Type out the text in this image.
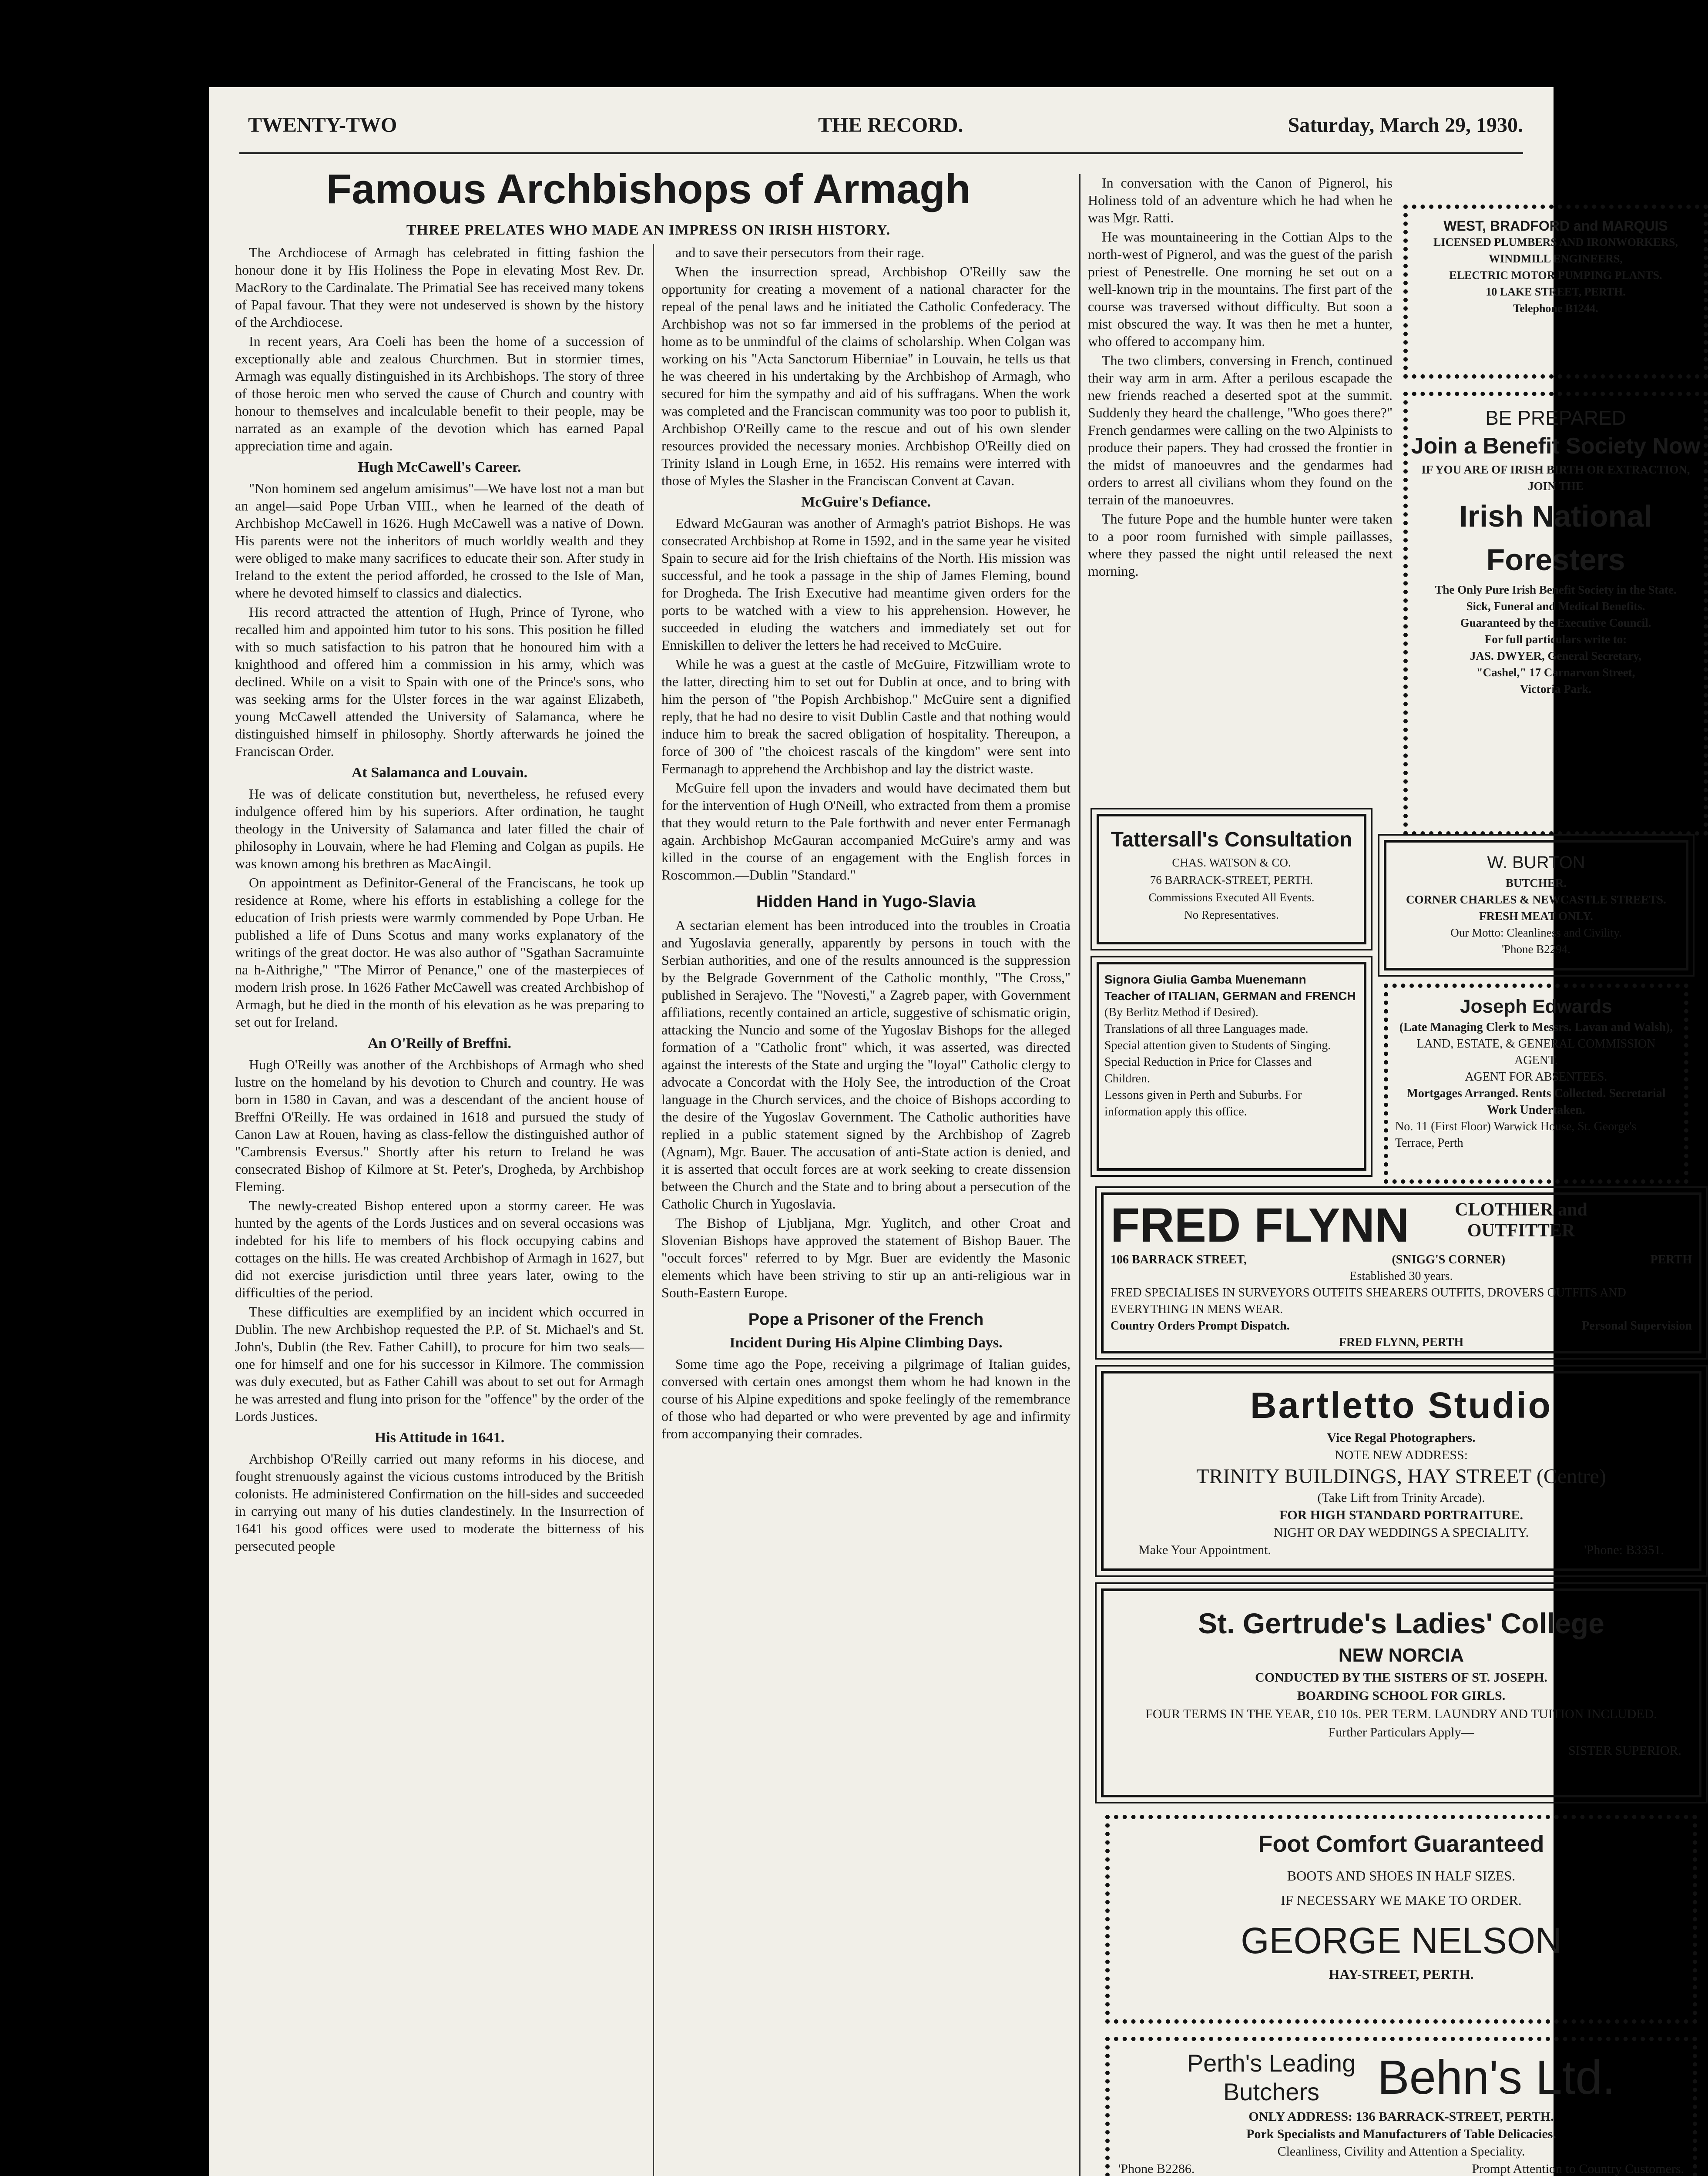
TWENTY-TWO	THE RECORD.	Saturday, March 29, 1930.
Famous Archbishops of Armagh
THREE PRELATES WHO MADE AN IMPRESS ON IRISH HISTORY.

The Archdiocese of Armagh has celebrated in fitting fashion the honour done it by His Holiness the Pope in elevating Most Rev. Dr. MacRory to the Cardinalate. The Primatial See has received many tokens of Papal favour. That they were not undeserved is shown by the history of the Archdiocese.

In recent years, Ara Coeli has been the home of a succession of exceptionally able and zealous Churchmen. But in stormier times, Armagh was equally distinguished in its Archbishops. The story of three of those heroic men who served the cause of Church and country with honour to themselves and incalculable benefit to their people, may be narrated as an example of the devotion which has earned Papal appreciation time and again.

Hugh McCawell's Career.

"Non hominem sed angelum amisimus"—We have lost not a man but an angel—said Pope Urban VIII., when he learned of the death of Archbishop McCawell in 1626. Hugh McCawell was a native of Down. His parents were not the inheritors of much worldly wealth and they were obliged to make many sacrifices to educate their son. After study in Ireland to the extent the period afforded, he crossed to the Isle of Man, where he devoted himself to classics and dialectics.

His record attracted the attention of Hugh, Prince of Tyrone, who recalled him and appointed him tutor to his sons. This position he filled with so much satisfaction to his patron that he honoured him with a knighthood and offered him a commission in his army, which was declined. While on a visit to Spain with one of the Prince's sons, who was seeking arms for the Ulster forces in the war against Elizabeth, young McCawell attended the University of Salamanca, where he distinguished himself in philosophy. Shortly afterwards he joined the Franciscan Order.

At Salamanca and Louvain.

He was of delicate constitution but, nevertheless, he refused every indulgence offered him by his superiors. After ordination, he taught theology in the University of Salamanca and later filled the chair of philosophy in Louvain, where he had Fleming and Colgan as pupils. He was known among his brethren as MacAingil.

On appointment as Definitor-General of the Franciscans, he took up residence at Rome, where his efforts in establishing a college for the education of Irish priests were warmly commended by Pope Urban. He published a life of Duns Scotus and many works explanatory of the writings of the great doctor. He was also author of "Sgathan Sacramuinte na h-Aithrighe," "The Mirror of Penance," one of the masterpieces of modern Irish prose. In 1626 Father McCawell was created Archbishop of Armagh, but he died in the month of his elevation as he was preparing to set out for Ireland.

An O'Reilly of Breffni.

Hugh O'Reilly was another of the Archbishops of Armagh who shed lustre on the homeland by his devotion to Church and country. He was born in 1580 in Cavan, and was a descendant of the ancient house of Breffni O'Reilly. He was ordained in 1618 and pursued the study of Canon Law at Rouen, having as class-fellow the distinguished author of "Cambrensis Eversus." Shortly after his return to Ireland he was consecrated Bishop of Kilmore at St. Peter's, Drogheda, by Archbishop Fleming.

The newly-created Bishop entered upon a stormy career. He was hunted by the agents of the Lords Justices and on several occasions was indebted for his life to members of his flock occupying cabins and cottages on the hills. He was created Archbishop of Armagh in 1627, but did not exercise jurisdiction until three years later, owing to the difficulties of the period.

These difficulties are exemplified by an incident which occurred in Dublin. The new Archbishop requested the P.P. of St. Michael's and St. John's, Dublin (the Rev. Father Cahill), to procure for him two seals—one for himself and one for his successor in Kilmore. The commission was duly executed, but as Father Cahill was about to set out for Armagh he was arrested and flung into prison for the "offence" by the order of the Lords Justices.

His Attitude in 1641.

Archbishop O'Reilly carried out many reforms in his diocese, and fought strenuously against the vicious customs introduced by the British colonists. He administered Confirmation on the hill-sides and succeeded in carrying out many of his duties clandestinely. In the Insurrection of 1641 his good offices were used to moderate the bitterness of his persecuted people

and to save their persecutors from their rage.

When the insurrection spread, Archbishop O'Reilly saw the opportunity for creating a movement of a national character for the repeal of the penal laws and he initiated the Catholic Confederacy. The Archbishop was not so far immersed in the problems of the period at home as to be unmindful of the claims of scholarship. When Colgan was working on his "Acta Sanctorum Hiberniae" in Louvain, he tells us that he was cheered in his undertaking by the Archbishop of Armagh, who secured for him the sympathy and aid of his suffragans. When the work was completed and the Franciscan community was too poor to publish it, Archbishop O'Reilly came to the rescue and out of his own slender resources provided the necessary monies. Archbishop O'Reilly died on Trinity Island in Lough Erne, in 1652. His remains were interred with those of Myles the Slasher in the Franciscan Convent at Cavan.

McGuire's Defiance.

Edward McGauran was another of Armagh's patriot Bishops. He was consecrated Archbishop at Rome in 1592, and in the same year he visited Spain to secure aid for the Irish chieftains of the North. His mission was successful, and he took a passage in the ship of James Fleming, bound for Drogheda. The Irish Executive had meantime given orders for the ports to be watched with a view to his apprehension. However, he succeeded in eluding the watchers and immediately set out for Enniskillen to deliver the letters he had received to McGuire.

While he was a guest at the castle of McGuire, Fitzwilliam wrote to the latter, directing him to set out for Dublin at once, and to bring with him the person of "the Popish Archbishop." McGuire sent a dignified reply, that he had no desire to visit Dublin Castle and that nothing would induce him to break the sacred obligation of hospitality. Thereupon, a force of 300 of "the choicest rascals of the kingdom" were sent into Fermanagh to apprehend the Archbishop and lay the district waste.

McGuire fell upon the invaders and would have decimated them but for the intervention of Hugh O'Neill, who extracted from them a promise that they would return to the Pale forthwith and never enter Fermanagh again. Archbishop McGauran accompanied McGuire's army and was killed in the course of an engagement with the English forces in Roscommon.—Dublin "Standard."

Hidden Hand in Yugo-Slavia

A sectarian element has been introduced into the troubles in Croatia and Yugoslavia generally, apparently by persons in touch with the Serbian authorities, and one of the results announced is the suppression by the Belgrade Government of the Catholic monthly, "The Cross," published in Serajevo. The "Novesti," a Zagreb paper, with Government affiliations, recently contained an article, suggestive of schismatic origin, attacking the Nuncio and some of the Yugoslav Bishops for the alleged formation of a "Catholic front" which, it was asserted, was directed against the interests of the State and urging the "loyal" Catholic clergy to advocate a Concordat with the Holy See, the introduction of the Croat language in the Church services, and the choice of Bishops according to the desire of the Yugoslav Government. The Catholic authorities have replied in a public statement signed by the Archbishop of Zagreb (Agnam), Mgr. Bauer. The accusation of anti-State action is denied, and it is asserted that occult forces are at work seeking to create dissension between the Church and the State and to bring about a persecution of the Catholic Church in Yugoslavia.

The Bishop of Ljubljana, Mgr. Yuglitch, and other Croat and Slovenian Bishops have approved the statement of Bishop Bauer. The "occult forces" referred to by Mgr. Buer are evidently the Masonic elements which have been striving to stir up an anti-religious war in South-Eastern Europe.

Pope a Prisoner of the French

Incident During His Alpine Climbing Days.

Some time ago the Pope, receiving a pilgrimage of Italian guides, conversed with certain ones amongst them whom he had known in the course of his Alpine expeditions and spoke feelingly of the remembrance of those who had departed or who were prevented by age and infirmity from accompanying their comrades.

In conversation with the Canon of Pignerol, his Holiness told of an adventure which he had when he was Mgr. Ratti.

He was mountaineering in the Cottian Alps to the north-west of Pignerol, and was the guest of the parish priest of Penestrelle. One morning he set out on a well-known trip in the mountains. The first part of the course was traversed without difficulty. But soon a mist obscured the way. It was then he met a hunter, who offered to accompany him.

The two climbers, conversing in French, continued their way arm in arm. After a perilous escapade the new friends reached a deserted spot at the summit. Suddenly they heard the challenge, "Who goes there?" French gendarmes were calling on the two Alpinists to produce their papers. They had crossed the frontier in the midst of manoeuvres and the gendarmes had orders to arrest all civilians whom they found on the terrain of the manoeuvres.

The future Pope and the humble hunter were taken to a poor room furnished with simple paillasses, where they passed the night until released the next morning.

WEST, BRADFORD and MARQUIS
LICENSED PLUMBERS AND IRONWORKERS,
WINDMILL ENGINEERS,
ELECTRIC MOTOR PUMPING PLANTS.
10 LAKE STREET, PERTH.
Telephone B1244.
BE PREPARED
Join a Benefit Society Now
IF YOU ARE OF IRISH BIRTH OR EXTRACTION, JOIN THE
Irish National Foresters
The Only Pure Irish Benefit Society in the State.
Sick, Funeral and Medical Benefits.
Guaranteed by the Executive Council.
For full particulars write to:
JAS. DWYER, General Secretary,
"Cashel," 17 Carnarvon Street,
Victoria Park.
Tattersall's Consultation
CHAS. WATSON & CO.
76 BARRACK-STREET, PERTH.
Commissions Executed All Events.
No Representatives.
W. BURTON
BUTCHER.
CORNER CHARLES & NEWCASTLE STREETS.
FRESH MEAT ONLY.
Our Motto: Cleanliness and Civility.
'Phone B2294.
Signora Giulia Gamba Muenemann
Teacher of ITALIAN, GERMAN and FRENCH
(By Berlitz Method if Desired).
Translations of all three Languages made.
Special attention given to Students of Singing.
Special Reduction in Price for Classes and Children.
Lessons given in Perth and Suburbs. For information apply this office.
Joseph Edwards
(Late Managing Clerk to Messrs. Lavan and Walsh),
LAND, ESTATE, & GENERAL COMMISSION AGENT.
AGENT FOR ABSENTEES.
Mortgages Arranged. Rents Collected. Secretarial Work Undertaken.
No. 11 (First Floor) Warwick House, St. George's Terrace, Perth
FRED FLYNN CLOTHIER and OUTFITTER
106 BARRACK STREET,	(SNIGG'S CORNER)	PERTH
Established 30 years.
FRED SPECIALISES IN SURVEYORS OUTFITS SHEARERS OUTFITS, DROVERS OUTFITS AND EVERYTHING IN MENS WEAR.
Country Orders Prompt Dispatch.	Personal Supervision
FRED FLYNN, PERTH
Bartletto Studio
Vice Regal Photographers.
NOTE NEW ADDRESS:
TRINITY BUILDINGS, HAY STREET (Centre)
(Take Lift from Trinity Arcade).
FOR HIGH STANDARD PORTRAITURE.
NIGHT OR DAY WEDDINGS A SPECIALITY.
Make Your Appointment.	'Phone: B3351.
St. Gertrude's Ladies' College
NEW NORCIA
CONDUCTED BY THE SISTERS OF ST. JOSEPH.
BOARDING SCHOOL FOR GIRLS.
FOUR TERMS IN THE YEAR, £10 10s. PER TERM. LAUNDRY AND TUITION INCLUDED.
Further Particulars Apply—
SISTER SUPERIOR.
Foot Comfort Guaranteed
BOOTS AND SHOES IN HALF SIZES.
IF NECESSARY WE MAKE TO ORDER.
GEORGE NELSON
HAY-STREET, PERTH.
Perth's Leading
Butchers	Behn's Ltd.
ONLY ADDRESS: 136 BARRACK-STREET, PERTH.
Pork Specialists and Manufacturers of Table Delicacies.
Cleanliness, Civility and Attention a Speciality.
'Phone B2286.	Prompt Attention to Country Customers.
